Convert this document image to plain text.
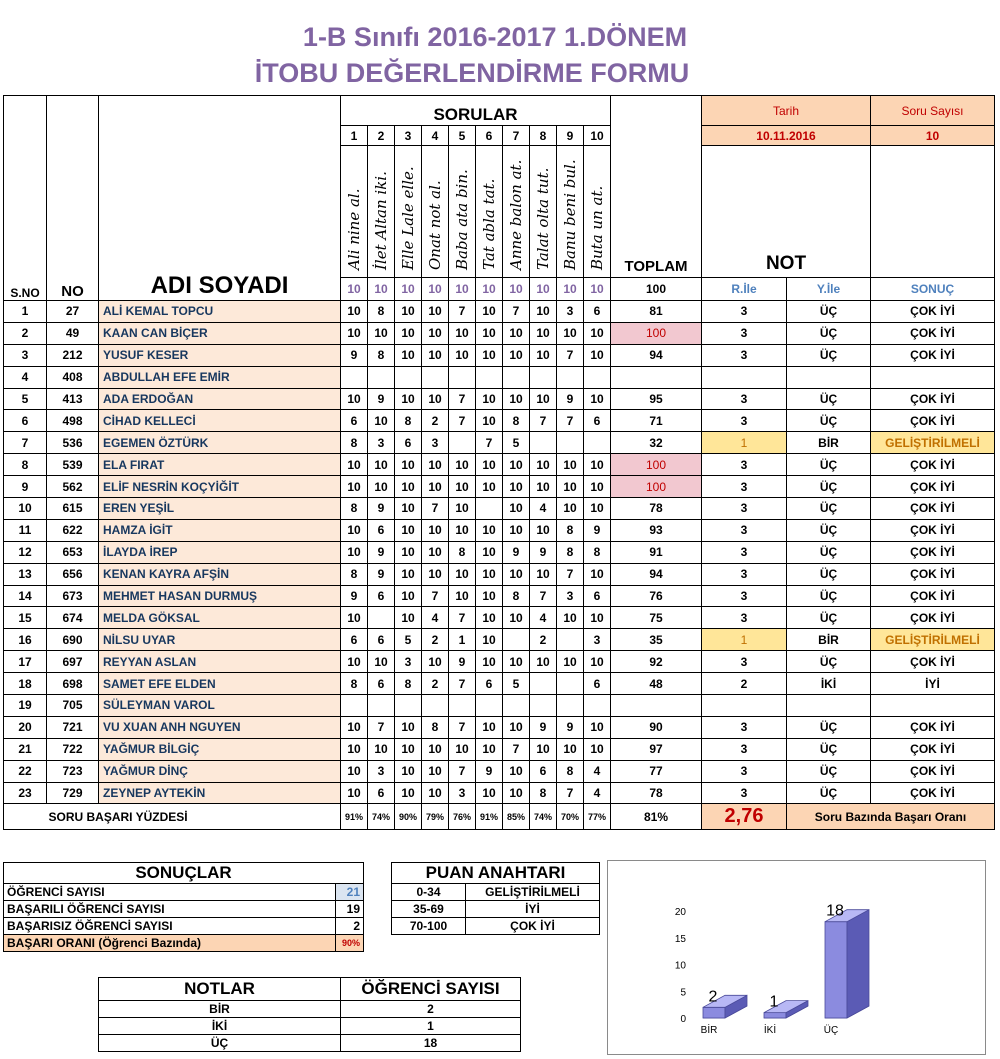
1-B Sınıfı 2016-2017 1.DÖNEM
İTOBU DEĞERLENDİRME FORMU
S.NO	NO	ADI SOYADI	SORULAR										TOPLAM	Tarih		Soru Sayısı
			1	2	3	4	5	6	7	8	9	10		10.11.2016		10
			Ali nine al.	İlet Altan iki.	Elle Lale elle.	Onat not al.	Baba ata bin.	Tat abla tat.	Anne balon at.	Talat olta tut.	Banu beni bul.	Buta un at.		NOT		
			10	10	10	10	10	10	10	10	10	10	100	R.İle	Y.İle	SONUÇ
1	27	ALİ KEMAL TOPCU	10	8	10	10	7	10	7	10	3	6	81	3	ÜÇ	ÇOK İYİ
2	49	KAAN CAN BİÇER	10	10	10	10	10	10	10	10	10	10	100	3	ÜÇ	ÇOK İYİ
3	212	YUSUF KESER	9	8	10	10	10	10	10	10	7	10	94	3	ÜÇ	ÇOK İYİ
4	408	ABDULLAH EFE EMİR														
5	413	ADA ERDOĞAN	10	9	10	10	7	10	10	10	9	10	95	3	ÜÇ	ÇOK İYİ
6	498	CİHAD KELLECİ	6	10	8	2	7	10	8	7	7	6	71	3	ÜÇ	ÇOK İYİ
7	536	EGEMEN ÖZTÜRK	8	3	6	3		7	5				32	1	BİR	GELİŞTİRİLMELİ
8	539	ELA FIRAT	10	10	10	10	10	10	10	10	10	10	100	3	ÜÇ	ÇOK İYİ
9	562	ELİF NESRİN KOÇYİĞİT	10	10	10	10	10	10	10	10	10	10	100	3	ÜÇ	ÇOK İYİ
10	615	EREN YEŞİL	8	9	10	7	10		10	4	10	10	78	3	ÜÇ	ÇOK İYİ
11	622	HAMZA İGİT	10	6	10	10	10	10	10	10	8	9	93	3	ÜÇ	ÇOK İYİ
12	653	İLAYDA İREP	10	9	10	10	8	10	9	9	8	8	91	3	ÜÇ	ÇOK İYİ
13	656	KENAN KAYRA AFŞİN	8	9	10	10	10	10	10	10	7	10	94	3	ÜÇ	ÇOK İYİ
14	673	MEHMET HASAN DURMUŞ	9	6	10	7	10	10	8	7	3	6	76	3	ÜÇ	ÇOK İYİ
15	674	MELDA GÖKSAL	10		10	4	7	10	10	4	10	10	75	3	ÜÇ	ÇOK İYİ
16	690	NİLSU UYAR	6	6	5	2	1	10		2		3	35	1	BİR	GELİŞTİRİLMELİ
17	697	REYYAN ASLAN	10	10	3	10	9	10	10	10	10	10	92	3	ÜÇ	ÇOK İYİ
18	698	SAMET EFE ELDEN	8	6	8	2	7	6	5			6	48	2	İKİ	İYİ
19	705	SÜLEYMAN VAROL														
20	721	VU XUAN ANH NGUYEN	10	7	10	8	7	10	10	9	9	10	90	3	ÜÇ	ÇOK İYİ
21	722	YAĞMUR BİLGİÇ	10	10	10	10	10	10	7	10	10	10	97	3	ÜÇ	ÇOK İYİ
22	723	YAĞMUR DİNÇ	10	3	10	10	7	9	10	6	8	4	77	3	ÜÇ	ÇOK İYİ
23	729	ZEYNEP AYTEKİN	10	6	10	10	3	10	10	8	7	4	78	3	ÜÇ	ÇOK İYİ
	SORU BAŞARI YÜZDESİ		91%	74%	90%	79%	76%	91%	85%	74%	70%	77%	81%	2,76	Soru Bazında Başarı Oranı	
SONUÇLAR	
ÖĞRENCİ SAYISI	21
BAŞARILI ÖĞRENCİ SAYISI	19
BAŞARISIZ ÖĞRENCİ SAYISI	2
BAŞARI ORANI (Öğrenci Bazında)	90%
PUAN ANAHTARI	
0-34	GELİŞTİRİLMELİ
35-69	İYİ
70-100	ÇOK İYİ
NOTLAR	ÖĞRENCİ SAYISI
BİR	2
İKİ	1
ÜÇ	18
0
5
10
15
20
2
BİR
1
İKİ
18
ÜÇ
